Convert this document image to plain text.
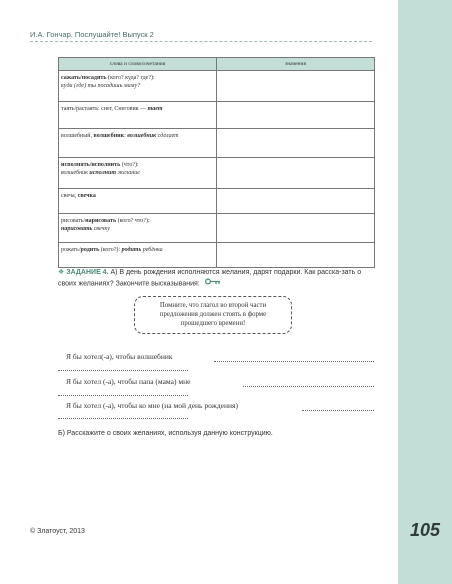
И.А. Гончар. Послушайте! Выпуск 2
105
слова и словосочетания	значения
сажать/посадить (кого? куда? где?):
куда (где) ты посадишь маму?	
таять/растаять: снег, Снеговик — тает	
волшебный, волшебник: волшебник сделает	
исполнять/исполнить (что?):
волшебник исполнит желание	
свеча, свечка	
рисовать/нарисовать (кого? что?):
нарисовать свечку	
рожать/родить (кого?): родить ребёнка	
❖ ЗАДАНИЕ 4. А) В день рождения исполняются желания, дарят подарки. Как расска-зать о своих желаниях? Закончите высказывания:
Помните, что глагол во второй части предложения должен стоять в форме прошедшего времени!
Я бы хотел(-а), чтобы волшебник
Я бы хотел (-а), чтобы папа (мама) мне
Я бы хотел (-а), чтобы ко мне (на мой день рождения)
Б) Расскажите о своих желаниях, используя данную конструкцию.
© Златоуст, 2013
